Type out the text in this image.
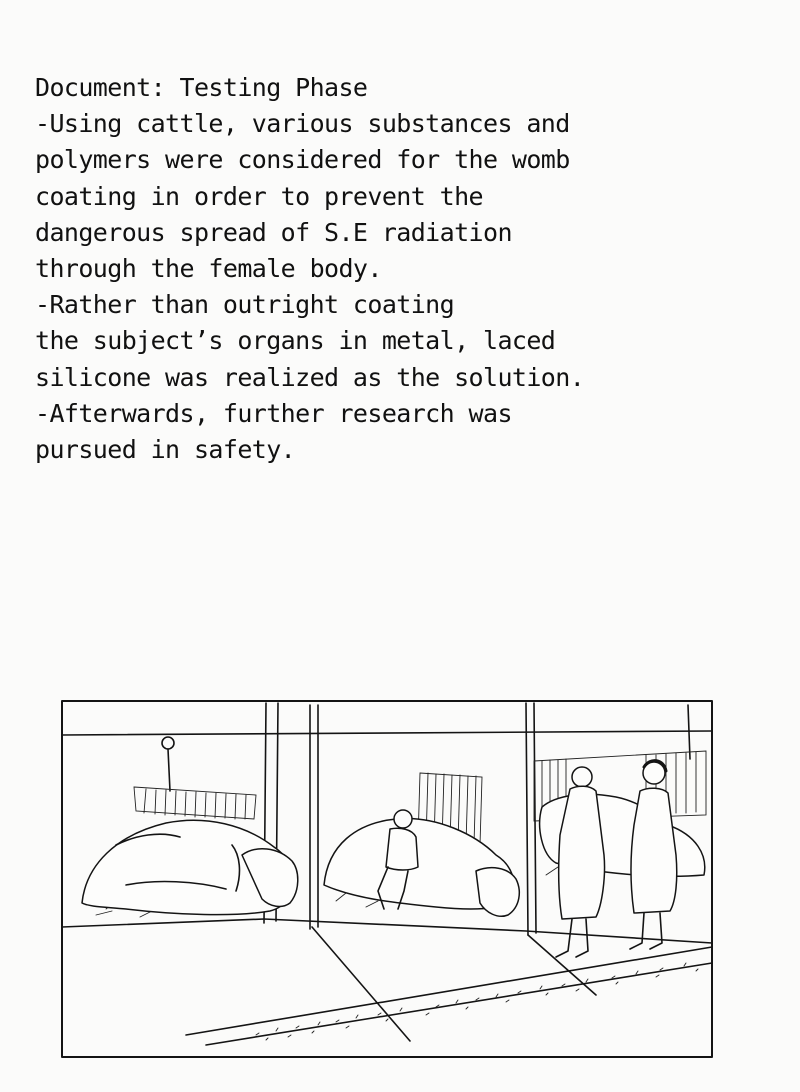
Document: Testing Phase
-Using cattle, various substances and
polymers were considered for the womb
coating in order to prevent the
dangerous spread of S.E radiation
through the female body.
-Rather than outright coating
the subject’s organs in metal, laced
silicone was realized as the solution.
-Afterwards, further research was
pursued in safety.
